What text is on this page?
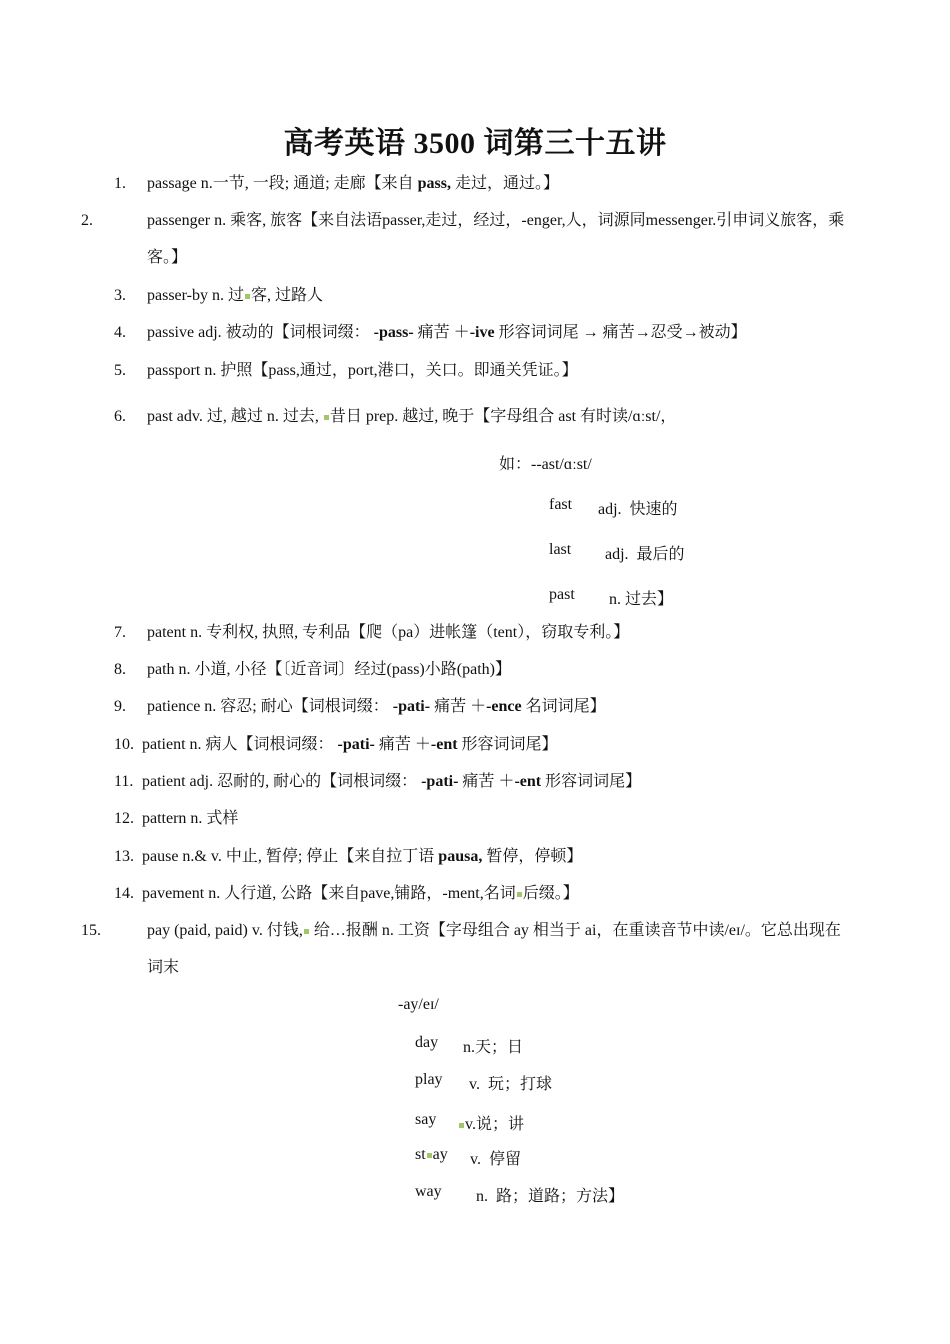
高考英语 3500 词第三十五讲
1. passage n.一节, 一段; 通道; 走廊【来自 pass, 走过，通过。】
2.	passenger n. 乘客, 旅客【来自法语passer,走过，经过，-enger,人，词源同messenger.引申词义旅客，乘客。】
3. passer-by n. 过 客, 过路人
4. passive adj. 被动的【词根词缀： -pass- 痛苦 ＋-ive 形容词词尾 → 痛苦→忍受→被动】
5. passport n. 护照【pass,通过，port,港口，关口。即通关凭证。】
6. past adv. 过, 越过 n. 过去, 昔日 prep. 越过, 晚于【字母组合 ast 有时读/ɑːst/，
如：--ast/ɑːst/
fast adj.  快速的
last adj.  最后的
past n. 过去】
7. patent n. 专利权, 执照, 专利品【爬（pa）进帐篷（tent），窃取专利。】
8. path n. 小道, 小径【〔近音词〕经过(pass)小路(path)】
9. patience n. 容忍; 耐心【词根词缀： -pati- 痛苦 ＋-ence 名词词尾】
10. patient n. 病人【词根词缀： -pati- 痛苦 ＋-ent 形容词词尾】
11. patient adj. 忍耐的, 耐心的【词根词缀： -pati- 痛苦 ＋-ent 形容词词尾】
12. pattern n. 式样
13. pause n.& v. 中止, 暂停; 停止【来自拉丁语 pausa, 暂停，停顿】
14. pavement n. 人行道, 公路【来自pave,铺路，-ment,名词 后缀。】
15.	pay (paid, paid) v. 付钱, 给…报酬 n. 工资【字母组合 ay 相当于 ai，在重读音节中读/eɪ/。它总出现在词末
-ay/eɪ/
day n.天；日
play v.  玩；打球
say	v.说；讲
st ay v.  停留
way n.  路；道路；方法】
